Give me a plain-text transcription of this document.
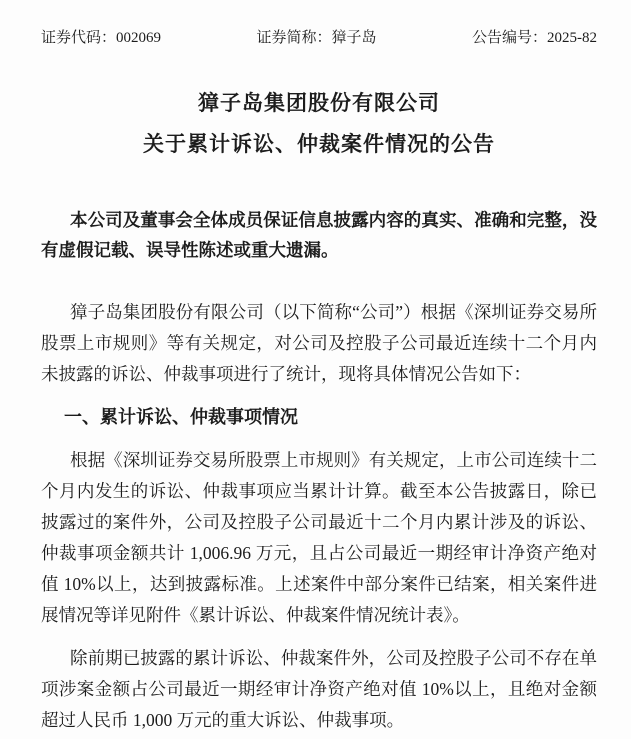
证券代码：002069	证券简称：獐子岛	公告编号：2025-82
獐子岛集团股份有限公司
关于累计诉讼、仲裁案件情况的公告

本公司及董事会全体成员保证信息披露内容的真实、准确和完整，没有虚假记载、误导性陈述或重大遗漏。

獐子岛集团股份有限公司（以下简称“公司”）根据《深圳证券交易所股票上市规则》等有关规定，对公司及控股子公司最近连续十二个月内未披露的诉讼、仲裁事项进行了统计，现将具体情况公告如下：

一、累计诉讼、仲裁事项情况

根据《深圳证券交易所股票上市规则》有关规定，上市公司连续十二个月内发生的诉讼、仲裁事项应当累计计算。截至本公告披露日，除已披露过的案件外，公司及控股子公司最近十二个月内累计涉及的诉讼、仲裁事项金额共计 1,006.96 万元，且占公司最近一期经审计净资产绝对值 10%以上，达到披露标准。上述案件中部分案件已结案，相关案件进展情况等详见附件《累计诉讼、仲裁案件情况统计表》。

除前期已披露的累计诉讼、仲裁案件外，公司及控股子公司不存在单项涉案金额占公司最近一期经审计净资产绝对值 10%以上，且绝对金额超过人民币 1,000 万元的重大诉讼、仲裁事项。
